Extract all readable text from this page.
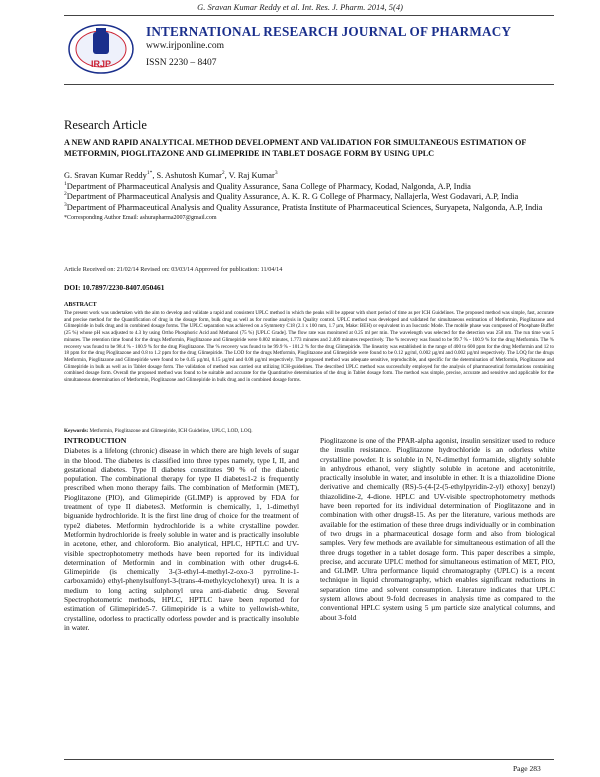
G. Sravan Kumar Reddy et al. Int. Res. J. Pharm. 2014, 5(4)
IRJP
INTERNATIONAL RESEARCH JOURNAL OF PHARMACY
www.irjponline.com
ISSN 2230 – 8407
Research Article
A NEW AND RAPID ANALYTICAL METHOD DEVELOPMENT AND VALIDATION FOR SIMULTANEOUS ESTIMATION OF METFORMIN, PIOGLITAZONE AND GLIMEPRIDE IN TABLET DOSAGE FORM BY USING UPLC
G. Sravan Kumar Reddy$^{1*}$, S. Ashutosh Kumar$^2$, V. Raj Kumar$^3$
$^1$Department of Pharmaceutical Analysis and Quality Assurance, Sana College of Pharmacy, Kodad, Nalgonda, A.P, India
$^2$Department of Pharmaceutical Analysis and Quality Assurance, A. K. R. G College of Pharmacy, Nallajerla, West Godavari, A.P, India
$^3$Department of Pharmaceutical Analysis and Quality Assurance, Pratista Institute of Pharmaceutical Sciences, Suryapeta, Nalgonda, A.P, India
*Corresponding Author Email: ashurapharma2007@gmail.com
Article Received on: 21/02/14 Revised on: 03/03/14 Approved for publication: 11/04/14
DOI: 10.7897/2230-8407.050461
ABSTRACT
The present work was undertaken with the aim to develop and validate a rapid and consistent UPLC method in which the peaks will be appear with short period of time as per ICH Guidelines. The proposed method was simple, fast, accurate and precise method for the Quantification of drug in the dosage form, bulk drug as well as for routine analysis in Quality control. UPLC method was developed and validated for simultaneous estimation of Metformin, Pioglitazone and Glimepiride in bulk drug and in combined dosage forms. The UPLC separation was achieved on a Symmetry C18 (2.1 x 100 mm, 1.7 µm, Make: BEH) or equivalent in an Isocratic Mode. The mobile phase was composed of Phosphate Buffer (25 %) whose pH was adjusted to 4.3 by using Ortho Phosphoric Acid and Methanol (75 %) [UPLC Grade]. The flow rate was monitored at 0.25 ml per min. The wavelength was selected for the detection was 258 nm. The run time was 5 minutes. The retention time found for the drugs Metformin, Pioglitazone and Glimepiride were 0.802 minutes, 1.773 minutes and 2.409 minutes respectively. The % recovery was found to be 99.7 % - 100.9 % for the drug Metformin. The % recovery was found to be 98.4 % - 100.9 % for the drug Pioglitazone. The % recovery was found to be 99.9 % - 101.2 % for the drug Glimepiride. The linearity was established in the range of 400 to 600 ppm for the drug Metformin and 12 to 18 ppm for the drug Pioglitazone and 0.8 to 1.2 ppm for the drug Glimepiride. The LOD for the drugs Metformin, Pioglitazone and Glimepiride were found to be 0.12 µg/ml, 0.002 µg/ml and 0.002 µg/ml respectively. The LOQ for the drugs Metformin, Pioglitazone and Glimepiride were found to be 0.45 µg/ml, 0.15 µg/ml and 0.08 µg/ml respectively. The proposed method was adequate sensitive, reproducible, and specific for the determination of Metformin, Pioglitazone and Glimepiride in bulk as well as in Tablet dosage form. The validation of method was carried out utilizing ICH-guidelines. The described UPLC method was successfully employed for the analysis of pharmaceutical formulations containing combined dosage form. Overall the proposed method was found to be suitable and accurate for the Quantitative determination of the drug in Tablet dosage form. The method was simple, precise, accurate and sensitive and applicable for the simultaneous determination of Metformin, Pioglitazone and Glimepiride in bulk drug and in combined dosage forms.
Keywords: Metformin, Pioglitazone and Glimepiride, ICH Guideline, UPLC, LOD, LOQ.
INTRODUCTION
Diabetes is a lifelong (chronic) disease in which there are high levels of sugar in the blood. The diabetes is classified into three types namely, type I, II, and gestational diabetes. Type II diabetes constitutes 90 % of the diabetic population. The combinational therapy for type II diabetes1-2 is frequently prescribed when mono therapy fails. The combination of Metformin (MET), Pioglitazone (PIO), and Glimepiride (GLIMP) is approved by FDA for treatment of type II diabetes3. Metformin is chemically, 1, 1-dimethyl biguanide hydrochloride. It is the first line drug of choice for the treatment of type2 diabetes. Metformin hydrochloride is a white crystalline powder. Metformin hydrochloride is freely soluble in water and is practically insoluble in acetone, ether, and chloroform. Bio analytical, HPLC, HPTLC and UV-visible spectrophotometry methods have been reported for its individual determination of Metformin and in combination with other drugs4-6. Glimepiride (is chemically 3-(3-ethyl-4-methyl-2-oxo-3 pyrroline-1-carboxamido) ethyl-phenylsulfonyl-3-(trans-4-methylcyclohexyl) urea. It is a medium to long acting sulphonyl urea anti-diabetic drug. Several Spectrophotometric methods, HPLC, HPTLC have been reported for estimation of Glimepiride5-7. Glimepiride is a white to yellowish-white, crystalline, odorless to practically odorless powder and is practically insoluble in water.
Pioglitazone is one of the PPAR-alpha agonist, insulin sensitizer used to reduce the insulin resistance. Pioglitazone hydrochloride is an odorless white crystalline powder. It is soluble in N, N-dimethyl formamide, slightly soluble in anhydrous ethanol, very slightly soluble in acetone and acetonitrile, practically insoluble in water, and insoluble in ether. It is a thiazolidine Dione derivative and chemically (RS)-5-(4-[2-(5-ethylpyridin-2-yl) ethoxy] benzyl) thiazolidine-2, 4-dione. HPLC and UV-visible spectrophotometry methods have been reported for its individual determination of Pioglitazone and in combination with other drugs8-15. As per the literature, various methods are available for the estimation of these three drugs individually or in combination of two drugs in a pharmaceutical dosage form and also from biological samples. Very few methods are available for simultaneous estimation of all the three drugs together in a tablet dosage form. This paper describes a simple, precise, and accurate UPLC method for simultaneous estimation of MET, PIO, and GLIMP. Ultra performance liquid chromatography (UPLC) is a recent technique in liquid chromatography, which enables significant reductions in separation time and solvent consumption. Literature indicates that UPLC system allows about 9-fold decreases in analysis time as compared to the conventional HPLC system using 5 µm particle size analytical columns, and about 3-fold
Page 283
